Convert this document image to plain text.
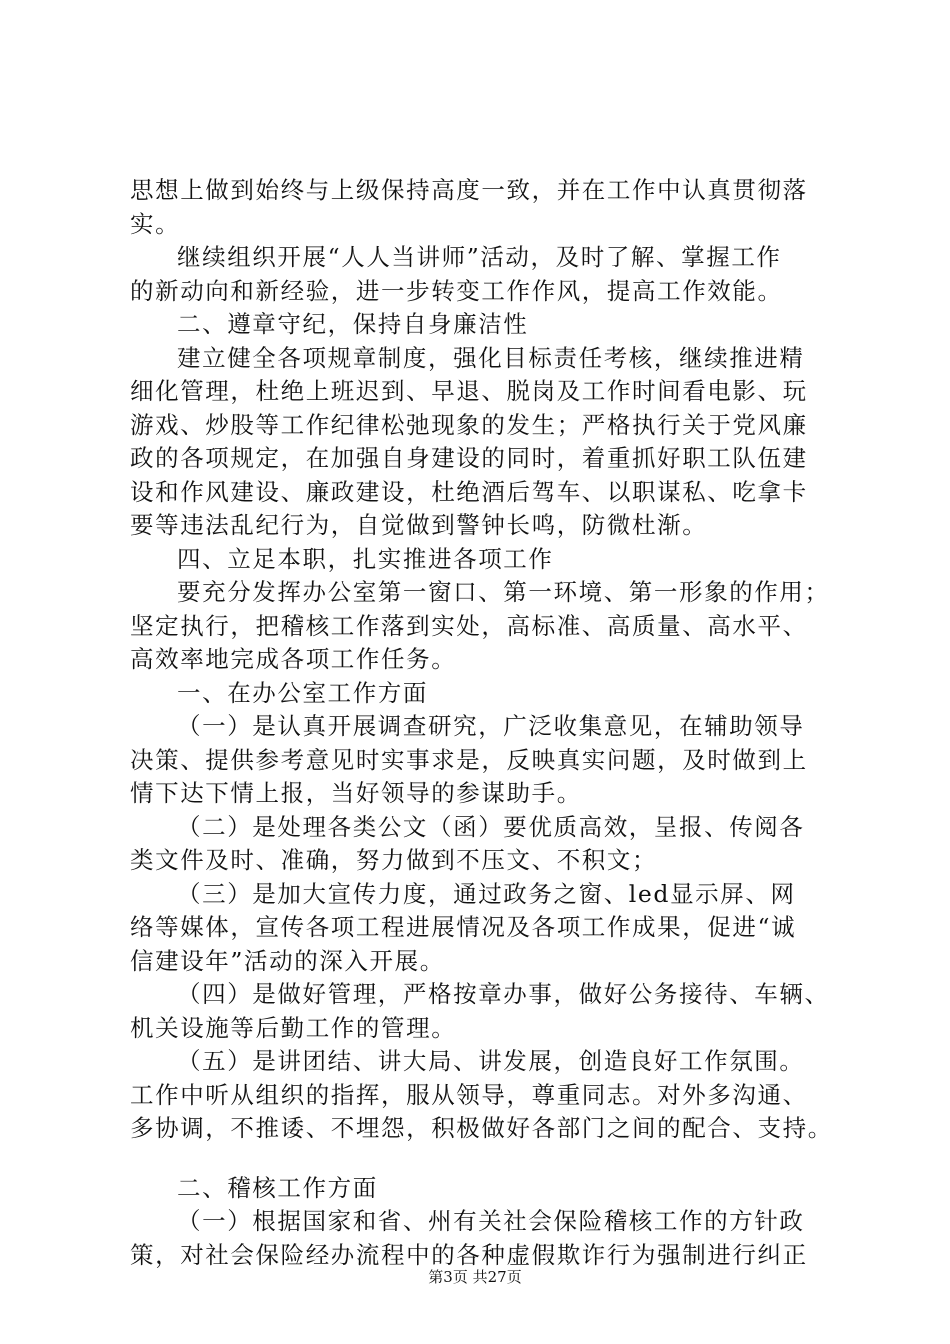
思想上做到始终与上级保持高度一致，并在工作中认真贯彻落
实。
继续组织开展“人人当讲师”活动，及时了解、掌握工作
的新动向和新经验，进一步转变工作作风，提高工作效能。
二、遵章守纪，保持自身廉洁性
建立健全各项规章制度，强化目标责任考核，继续推进精
细化管理，杜绝上班迟到、早退、脱岗及工作时间看电影、玩
游戏、炒股等工作纪律松弛现象的发生；严格执行关于党风廉
政的各项规定，在加强自身建设的同时，着重抓好职工队伍建
设和作风建设、廉政建设，杜绝酒后驾车、以职谋私、吃拿卡
要等违法乱纪行为，自觉做到警钟长鸣，防微杜渐。
四、立足本职，扎实推进各项工作
要充分发挥办公室第一窗口、第一环境、第一形象的作用；
坚定执行，把稽核工作落到实处，高标准、高质量、高水平、
高效率地完成各项工作任务。
一、在办公室工作方面
（一）是认真开展调查研究，广泛收集意见，在辅助领导
决策、提供参考意见时实事求是，反映真实问题，及时做到上
情下达下情上报，当好领导的参谋助手。
（二）是处理各类公文（函）要优质高效，呈报、传阅各
类文件及时、准确，努力做到不压文、不积文；
（三）是加大宣传力度，通过政务之窗、led显示屏、网
络等媒体，宣传各项工程进展情况及各项工作成果，促进“诚
信建设年”活动的深入开展。
（四）是做好管理，严格按章办事，做好公务接待、车辆、
机关设施等后勤工作的管理。
（五）是讲团结、讲大局、讲发展，创造良好工作氛围。
工作中听从组织的指挥，服从领导，尊重同志。对外多沟通、
多协调，不推诿、不埋怨，积极做好各部门之间的配合、支持。
二、稽核工作方面
（一）根据国家和省、州有关社会保险稽核工作的方针政
策，对社会保险经办流程中的各种虚假欺诈行为强制进行纠正
第3页 共27页
